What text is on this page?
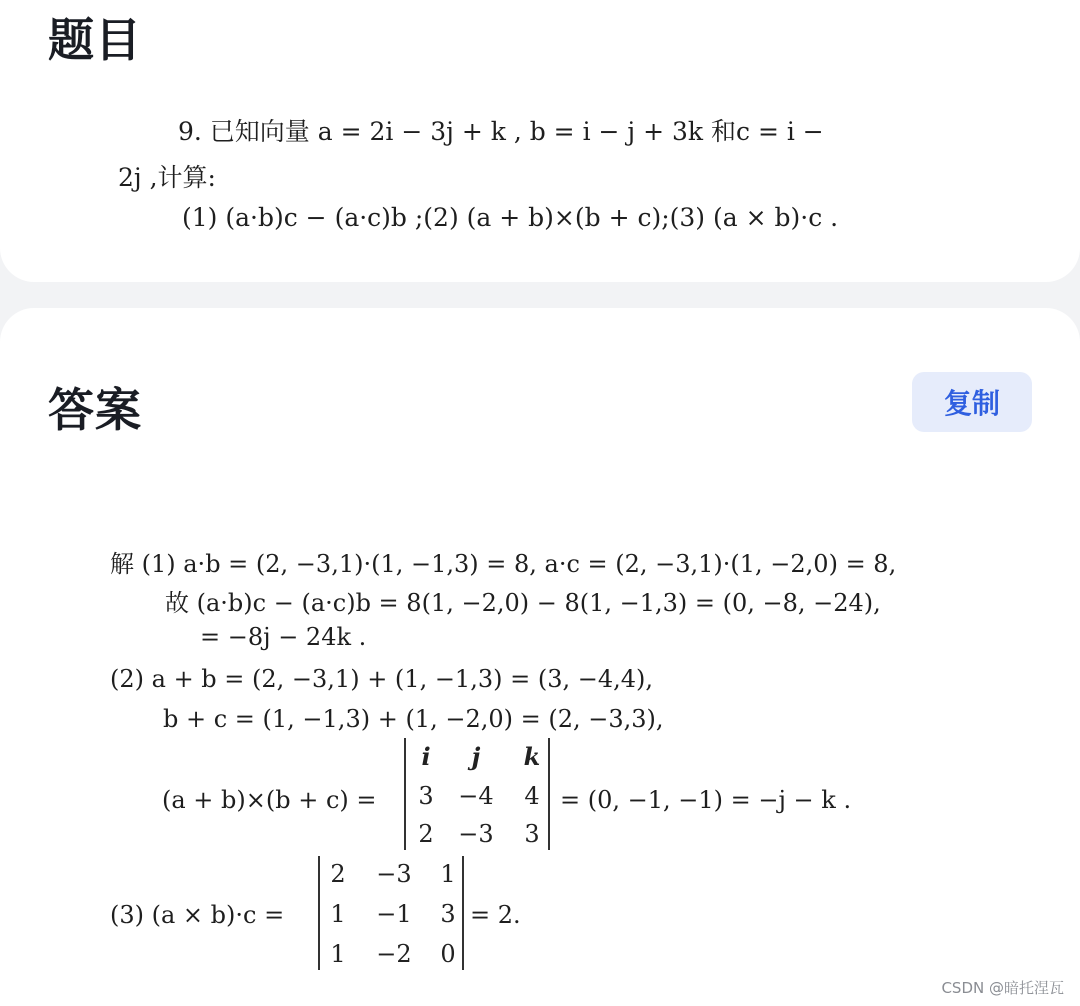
题目
9. 已知向量 a = 2i − 3j + k , b = i − j + 3k 和c = i −
2j ,计算:
(1) (a·b)c − (a·c)b ;(2) (a + b)×(b + c);(3) (a × b)·c .
答案	复制
解 (1) a·b = (2, −3,1)·(1, −1,3) = 8, a·c = (2, −3,1)·(1, −2,0) = 8,
故 (a·b)c − (a·c)b = 8(1, −2,0) − 8(1, −1,3) = (0, −8, −24),
= −8j − 24k .
(2) a + b = (2, −3,1) + (1, −1,3) = (3, −4,4),
b + c = (1, −1,3) + (1, −2,0) = (2, −3,3),
(a + b)×(b + c) =
i j k
3 −4 4
2 −3 3
= (0, −1, −1) = −j − k .
(3) (a × b)·c =
2 −3 1
1 −1 3
1 −2 0
= 2.
CSDN @暗托涅瓦
